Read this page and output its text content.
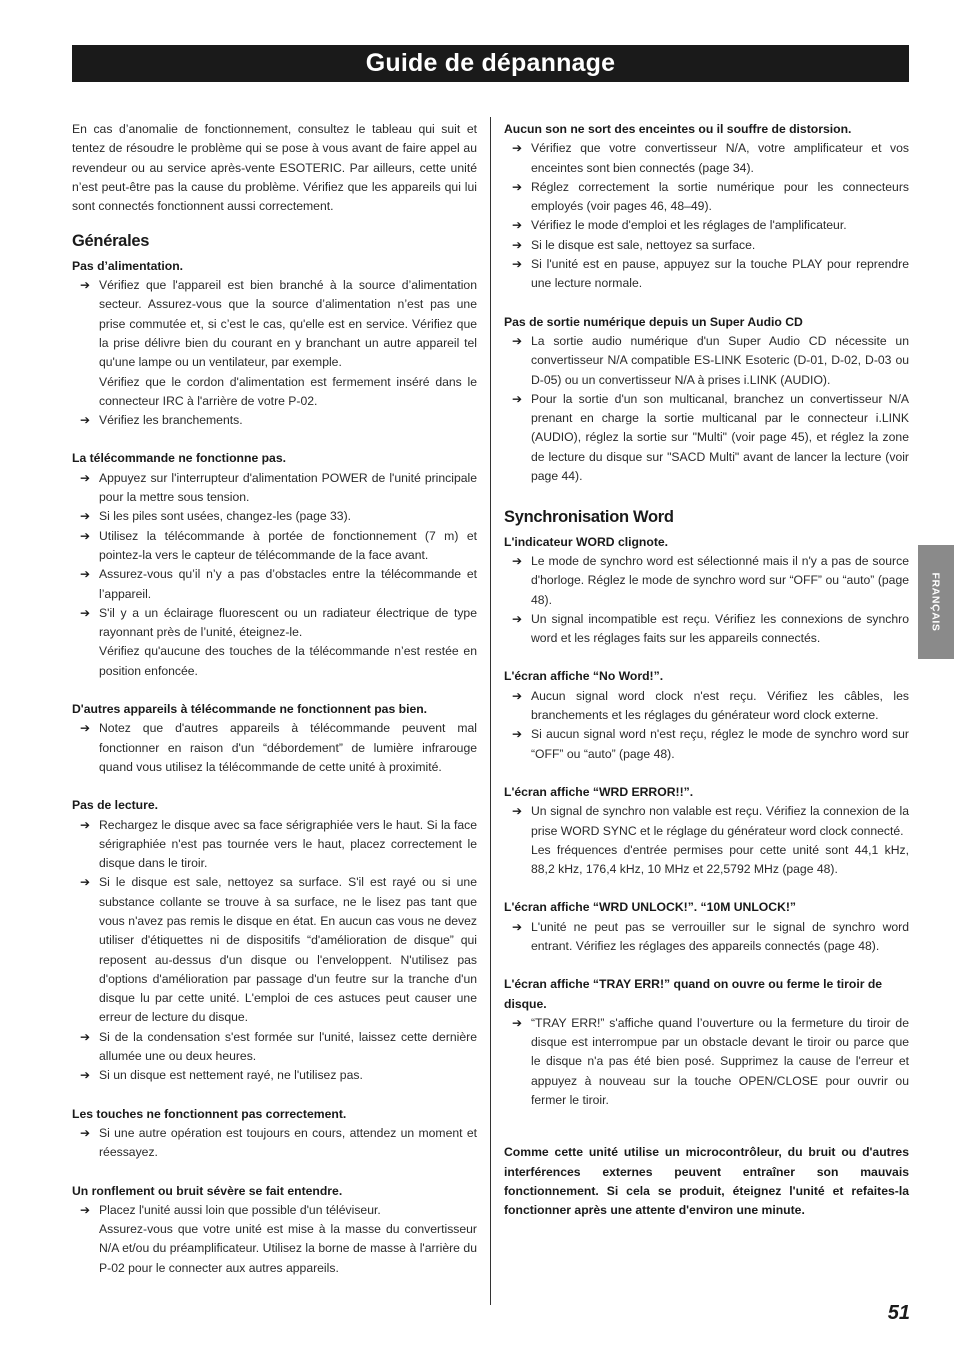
Guide de dépannage

En cas d’anomalie de fonctionnement, consultez le tableau qui suit et tentez de résoudre le problème qui se pose à vous avant de faire appel au revendeur ou au service après-vente ESOTERIC. Par ailleurs, cette unité n’est peut-être pas la cause du problème. Vérifiez que les appareils qui lui sont connectés fonctionnent aussi correctement.

Générales

Pas d’alimentation.

➔ Vérifiez que l'appareil est bien branché à la source d’alimentation secteur. Assurez-vous que la source d’alimentation n’est pas une prise commutée et, si c’est le cas, qu'elle est en service. Vérifiez que la prise délivre bien du courant en y branchant un autre appareil tel qu'une lampe ou un ventilateur, par exemple.
Vérifiez que le cordon d'alimentation est fermement inséré dans le connecteur IRC à l'arrière de votre P-02.
➔ Vérifiez les branchements.

La télécommande ne fonctionne pas.

➔ Appuyez sur l'interrupteur d'alimentation POWER de l'unité principale pour la mettre sous tension.
➔ Si les piles sont usées, changez-les (page 33).
➔ Utilisez la télécommande à portée de fonctionnement (7 m) et pointez-la vers le capteur de télécommande de la face avant.
➔ Assurez-vous qu’il n’y a pas d’obstacles entre la télécommande et l’appareil.
➔ S'il y a un éclairage fluorescent ou un radiateur électrique de type rayonnant près de l’unité, éteignez-le.
Vérifiez qu'aucune des touches de la télécommande n’est restée en position enfoncée.

D'autres appareils à télécommande ne fonctionnent pas bien.

➔ Notez que d'autres appareils à télécommande peuvent mal fonctionner en raison d'un “débordement” de lumière infrarouge quand vous utilisez la télécommande de cette unité à proximité.

Pas de lecture.

➔ Rechargez le disque avec sa face sérigraphiée vers le haut. Si la face sérigraphiée n'est pas tournée vers le haut, placez correctement le disque dans le tiroir.
➔ Si le disque est sale, nettoyez sa surface. S'il est rayé ou si une substance collante se trouve à sa surface, ne le lisez pas tant que vous n'avez pas remis le disque en état. En aucun cas vous ne devez utiliser d'étiquettes ni de dispositifs “d'amélioration de disque” qui reposent au-dessus d'un disque ou l'enveloppent. N'utilisez pas d'options d'amélioration par passage d'un feutre sur la tranche d'un disque lu par cette unité. L'emploi de ces astuces peut causer une erreur de lecture du disque.
➔ Si de la condensation s'est formée sur l'unité, laissez cette dernière allumée une ou deux heures.
➔ Si un disque est nettement rayé, ne l'utilisez pas.

Les touches ne fonctionnent pas correctement.

➔ Si une autre opération est toujours en cours, attendez un moment et réessayez.

Un ronflement ou bruit sévère se fait entendre.

➔ Placez l'unité aussi loin que possible d'un téléviseur.
Assurez-vous que votre unité est mise à la masse du convertisseur N/A et/ou du préamplificateur. Utilisez la borne de masse à l'arrière du P-02 pour le connecter aux autres appareils.

Aucun son ne sort des enceintes ou il souffre de distorsion.

➔ Vérifiez que votre convertisseur N/A, votre amplificateur et vos enceintes sont bien connectés (page 34).
➔ Réglez correctement la sortie numérique pour les connecteurs employés (voir pages 46, 48–49).
➔ Vérifiez le mode d'emploi et les réglages de l'amplificateur.
➔ Si le disque est sale, nettoyez sa surface.
➔ Si l'unité est en pause, appuyez sur la touche PLAY pour reprendre une lecture normale.

Pas de sortie numérique depuis un Super Audio CD

➔ La sortie audio numérique d'un Super Audio CD nécessite un convertisseur N/A compatible ES-LINK Esoteric (D-01, D-02, D-03 ou D-05) ou un convertisseur N/A à prises i.LINK (AUDIO).
➔ Pour la sortie d'un son multicanal, branchez un convertisseur N/A prenant en charge la sortie multicanal par le connecteur i.LINK (AUDIO), réglez la sortie sur "Multi" (voir page 45), et réglez la zone de lecture du disque sur "SACD Multi" avant de lancer la lecture (voir page 44).
Synchronisation Word

L'indicateur WORD clignote.

➔ Le mode de synchro word est sélectionné mais il n'y a pas de source d'horloge. Réglez le mode de synchro word sur “OFF” ou “auto” (page 48).
➔ Un signal incompatible est reçu. Vérifiez les connexions de synchro word et les réglages faits sur les appareils connectés.

L'écran affiche “No Word!”.

➔ Aucun signal word clock n'est reçu. Vérifiez les câbles, les branchements et les réglages du générateur word clock externe.
➔ Si aucun signal word n'est reçu, réglez le mode de synchro word sur “OFF” ou “auto” (page 48).

L'écran affiche “WRD ERROR!!”.

➔ Un signal de synchro non valable est reçu. Vérifiez la connexion de la prise WORD SYNC et le réglage du générateur word clock connecté.
Les fréquences d'entrée permises pour cette unité sont 44,1 kHz, 88,2 kHz, 176,4 kHz, 10 MHz et 22,5792 MHz (page 48).

L'écran affiche “WRD UNLOCK!”. “10M UNLOCK!”

➔ L'unité ne peut pas se verrouiller sur le signal de synchro word entrant. Vérifiez les réglages des appareils connectés (page 48).

L'écran affiche “TRAY ERR!” quand on ouvre ou ferme le tiroir de disque.

➔ “TRAY ERR!” s'affiche quand l’ouverture ou la fermeture du tiroir de disque est interrompue par un obstacle devant le tiroir ou parce que le disque n'a pas été bien posé. Supprimez la cause de l'erreur et appuyez à nouveau sur la touche OPEN/CLOSE pour ouvrir ou fermer le tiroir.
Comme cette unité utilise un microcontrôleur, du bruit ou d'autres interférences externes peuvent entraîner son mauvais fonctionnement. Si cela se produit, éteignez l'unité et refaites-la fonctionner après une attente d'environ une minute.
FRANÇAIS
51
